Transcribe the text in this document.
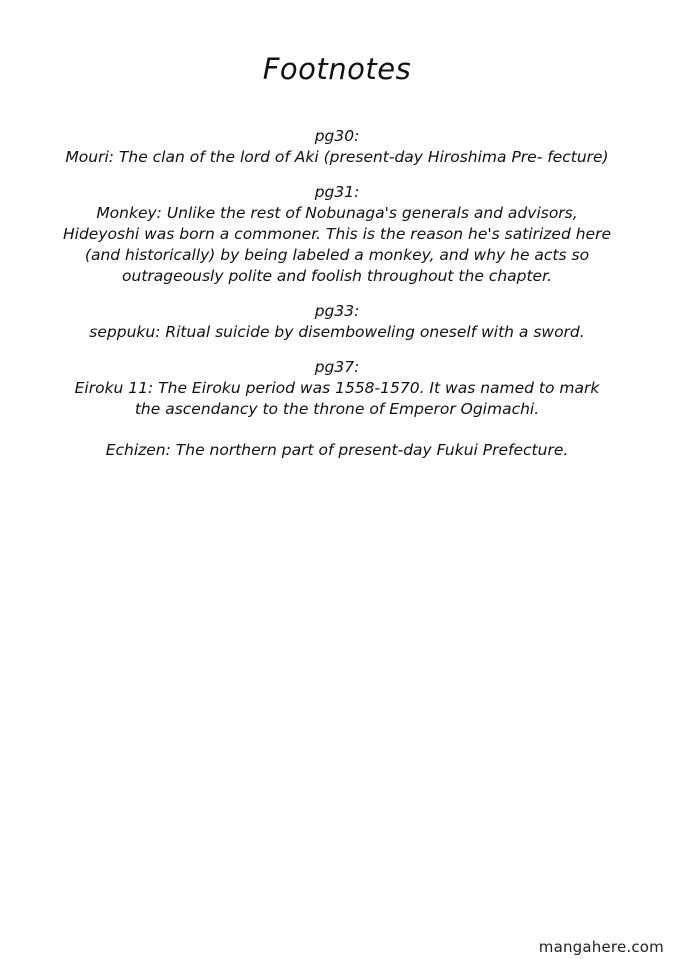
Footnotes
pg30:
Mouri: The clan of the lord of Aki (present-day Hiroshima Pre- fecture)
pg31:
Monkey: Unlike the rest of Nobunaga's generals and advisors, Hideyoshi was born a commoner. This is the reason he's satirized here (and historically) by being labeled a monkey, and why he acts so outrageously polite and foolish throughout the chapter.
pg33:
seppuku: Ritual suicide by disemboweling oneself with a sword.
pg37:
Eiroku 11: The Eiroku period was 1558-1570. It was named to mark the ascendancy to the throne of Emperor Ogimachi.
Echizen: The northern part of present-day Fukui Prefecture.
mangahere.com
